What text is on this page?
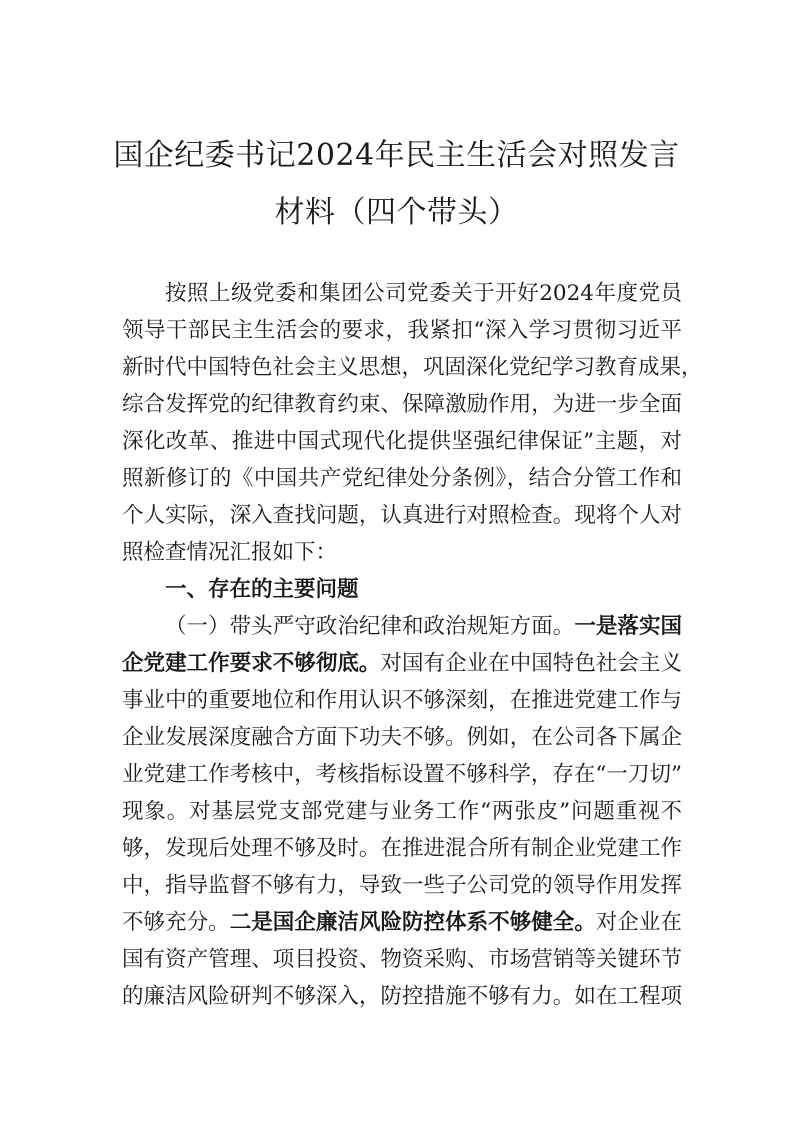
国企纪委书记2024年民主生活会对照发言
材料（四个带头）
按照上级党委和集团公司党委关于开好2024年度党员
领导干部民主生活会的要求，我紧扣“深入学习贯彻习近平
新时代中国特色社会主义思想，巩固深化党纪学习教育成果，
综合发挥党的纪律教育约束、保障激励作用，为进一步全面
深化改革、推进中国式现代化提供坚强纪律保证”主题，对
照新修订的《中国共产党纪律处分条例》，结合分管工作和
个人实际，深入查找问题，认真进行对照检查。现将个人对
照检查情况汇报如下：
一、存在的主要问题
（一）带头严守政治纪律和政治规矩方面。一是落实国
企党建工作要求不够彻底。对国有企业在中国特色社会主义
事业中的重要地位和作用认识不够深刻，在推进党建工作与
企业发展深度融合方面下功夫不够。例如，在公司各下属企
业党建工作考核中，考核指标设置不够科学，存在“一刀切”
现象。对基层党支部党建与业务工作“两张皮”问题重视不
够，发现后处理不够及时。在推进混合所有制企业党建工作
中，指导监督不够有力，导致一些子公司党的领导作用发挥
不够充分。二是国企廉洁风险防控体系不够健全。对企业在
国有资产管理、项目投资、物资采购、市场营销等关键环节
的廉洁风险研判不够深入，防控措施不够有力。如在工程项
